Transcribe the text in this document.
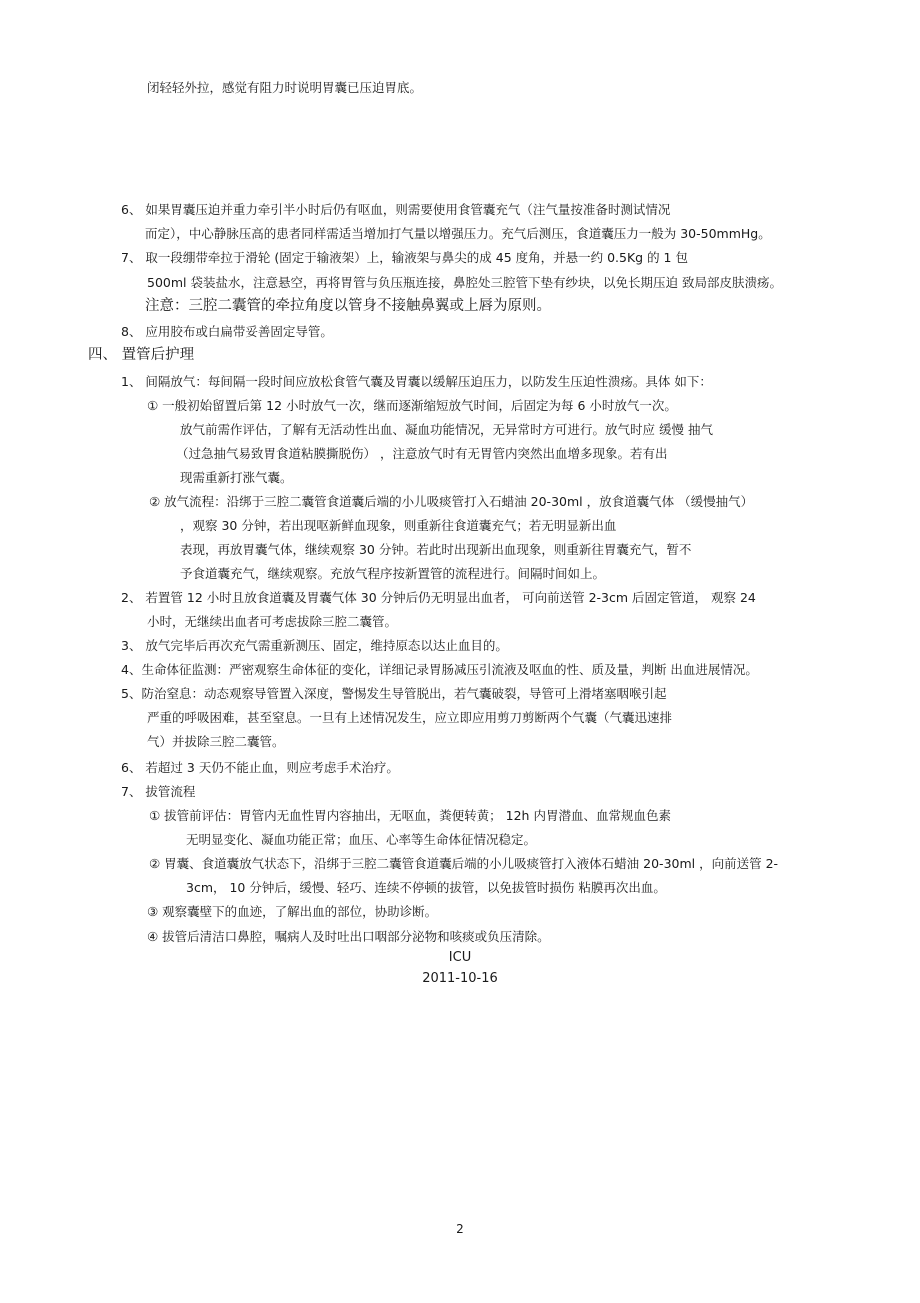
闭轻轻外拉，感觉有阻力时说明胃囊已压迫胃底。
6、 如果胃囊压迫并重力牵引半小时后仍有呕血，则需要使用食管囊充气（注气量按准备时测试情况
而定），中心静脉压高的患者同样需适当增加打气量以增强压力。充气后测压，食道囊压力一般为 30-50mmHg。
7、 取一段绷带牵拉于滑轮 (固定于输液架）上，输液架与鼻尖的成 45 度角，并悬一约 0.5Kg 的 1 包
500ml 袋装盐水，注意悬空，再将胃管与负压瓶连接，鼻腔处三腔管下垫有纱块，以免长期压迫 致局部皮肤溃疡。
注意：三腔二囊管的牵拉角度以管身不接触鼻翼或上唇为原则。
8、 应用胶布或白扁带妥善固定导管。
四、 置管后护理
1、 间隔放气：每间隔一段时间应放松食管气囊及胃囊以缓解压迫压力，以防发生压迫性溃疡。具体 如下：
① 一般初始留置后第 12 小时放气一次，继而逐渐缩短放气时间，后固定为每 6 小时放气一次。
放气前需作评估，了解有无活动性出血、凝血功能情况，无异常时方可进行。放气时应 缓慢 抽气
（过急抽气易致胃食道粘膜撕脱伤） ，注意放气时有无胃管内突然出血增多现象。若有出
现需重新打涨气囊。
② 放气流程：沿绑于三腔二囊管食道囊后端的小儿吸痰管打入石蜡油 20-30ml ，放食道囊气体 （缓慢抽气）
，观察 30 分钟，若出现呕新鲜血现象，则重新往食道囊充气；若无明显新出血
表现，再放胃囊气体，继续观察 30 分钟。若此时出现新出血现象，则重新往胃囊充气，暂不
予食道囊充气，继续观察。充放气程序按新置管的流程进行。间隔时间如上。
2、 若置管 12 小时且放食道囊及胃囊气体 30 分钟后仍无明显出血者， 可向前送管 2-3cm 后固定管道， 观察 24
小时，无继续出血者可考虑拔除三腔二囊管。
3、 放气完毕后再次充气需重新测压、固定，维持原态以达止血目的。
4、生命体征监测：严密观察生命体征的变化，详细记录胃肠减压引流液及呕血的性、质及量，判断 出血进展情况。
5、防治窒息：动态观察导管置入深度，警惕发生导管脱出，若气囊破裂，导管可上滑堵塞咽喉引起
严重的呼吸困难，甚至窒息。一旦有上述情况发生，应立即应用剪刀剪断两个气囊（气囊迅速排
气）并拔除三腔二囊管。
6、 若超过 3 天仍不能止血，则应考虑手术治疗。
7、 拔管流程
① 拔管前评估：胃管内无血性胃内容抽出，无呕血，粪便转黄； 12h 内胃潜血、血常规血色素
无明显变化、凝血功能正常；血压、心率等生命体征情况稳定。
② 胃囊、食道囊放气状态下，沿绑于三腔二囊管食道囊后端的小儿吸痰管打入液体石蜡油 20-30ml ，向前送管 2-
3cm， 10 分钟后，缓慢、轻巧、连续不停顿的拔管，以免拔管时损伤 粘膜再次出血。
③ 观察囊壁下的血迹，了解出血的部位，协助诊断。
④ 拔管后清洁口鼻腔，嘱病人及时吐出口咽部分泌物和咳痰或负压清除。
ICU
2011-10-16
2
